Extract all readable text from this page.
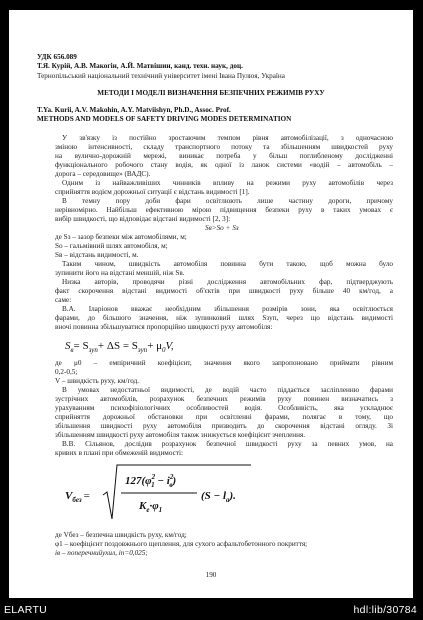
УДК 656.089
Т.Я. Курій, А.В. Макогін, А.Й. Матвішин, канд. техн. наук, доц.
Тернопільський національний технічний університет імені Івана Пулюя, Україна
МЕТОДИ І МОДЕЛІ ВИЗНАЧЕННЯ БЕЗПЕЧНИХ РЕЖИМІВ РУХУ
T.Ya. Kurii, A.V. Makohin, A.Y. Matviishyn, Ph.D., Assoc. Prof.
METHODS AND MODELS OF SAFETY DRIVING MODES DETERMINATION
У зв'язку із постійно зростаючим темпом рівня автомобілізації, з одночасною
зміною інтенсивності, складу транспортного потоку та збільшенням швидкостей руху
на вулично-дорожній мережі, виникає потреба у більш поглибленому дослідженні
функціонального робочого стану водія, як одної із ланок системи «водій – автомобіль –
дорога – середовище» (ВАДС).
Одним із найважливіших чинників впливу на режими руху автомобілів через
сприйняття водієм дорожньої ситуації є відстань видимості [1].
В темну пору доби фари освітлюють лише частину дороги, причому
нерівномірно. Найбільш ефективною мірою підвищення безпеки руху в таких умовах є
вибір швидкості, що відповідає відстані видимості [2, 3]:
Sв>Sо + Sз
де Sз – зазор безпеки між автомобілями, м;
Sо – гальмівний шлях автомобіля, м;
Sв – відстань видимості, м.
Таким чином, швидкість автомобіля повинна бути такою, щоб можна було
зупинити його на відстані меншій, ніж Sв.
Низка авторів, проводячи різні дослідження автомобільних фар, підтверджують
факт скорочення відстані видимості об'єктів при швидкості руху більше 40 км/год, а
саме:
В.А. Іларіонов вважає необхідним збільшення розмірів зони, яка освітлюється
фарами, до більшого значення, ніж зупинковий шлях Sзуп, через що відстань видимості
вночі повинна збільшуватися пропорційно швидкості руху автомобіля:
$S_в= S_{зуп}+ \Delta S = S_{зуп}+ \mu_0V$,
де μ0 – емпіричний коефіцієнт, значення якого запропоновано приймати рівним
0,2-0,5;
V – швидкість руху, км/год.
В умовах недостатньої видимості, де водій часто піддається засліпленню фарами
зустрічних автомобілів, розрахунок безпечних режимів руху повинен визначатись з
урахуванням психофізіологічних особливостей водія. Особливість, яка ускладнює
сприйняття дорожньої обстановки при освітленні фарами, полягає в тому, що
збільшення швидкості руху автомобіля призводить до скорочення відстані огляду. Зі
збільшенням швидкості руху автомобіля також знижується коефіцієнт зчеплення.
В.В. Сільянов, дослідив розрахунок безпечної швидкості руху за певних умов, на
кривих в плані при обмеженій видимості:
$V_{без}$ =
$127(\varphi^2$ $1 - i^2$ в)
$K_e\cdot\varphi_1$
$(S - l_a)$.
де Vбез – безпечна швидкість руху, км/год;
φ1 – коефіцієнт поздовжнього щеплення, для сухого асфальтобетонного покриття;
iв – поперечнийухил, in=0,025;
190
ELARTU	hdl:lib/30784
